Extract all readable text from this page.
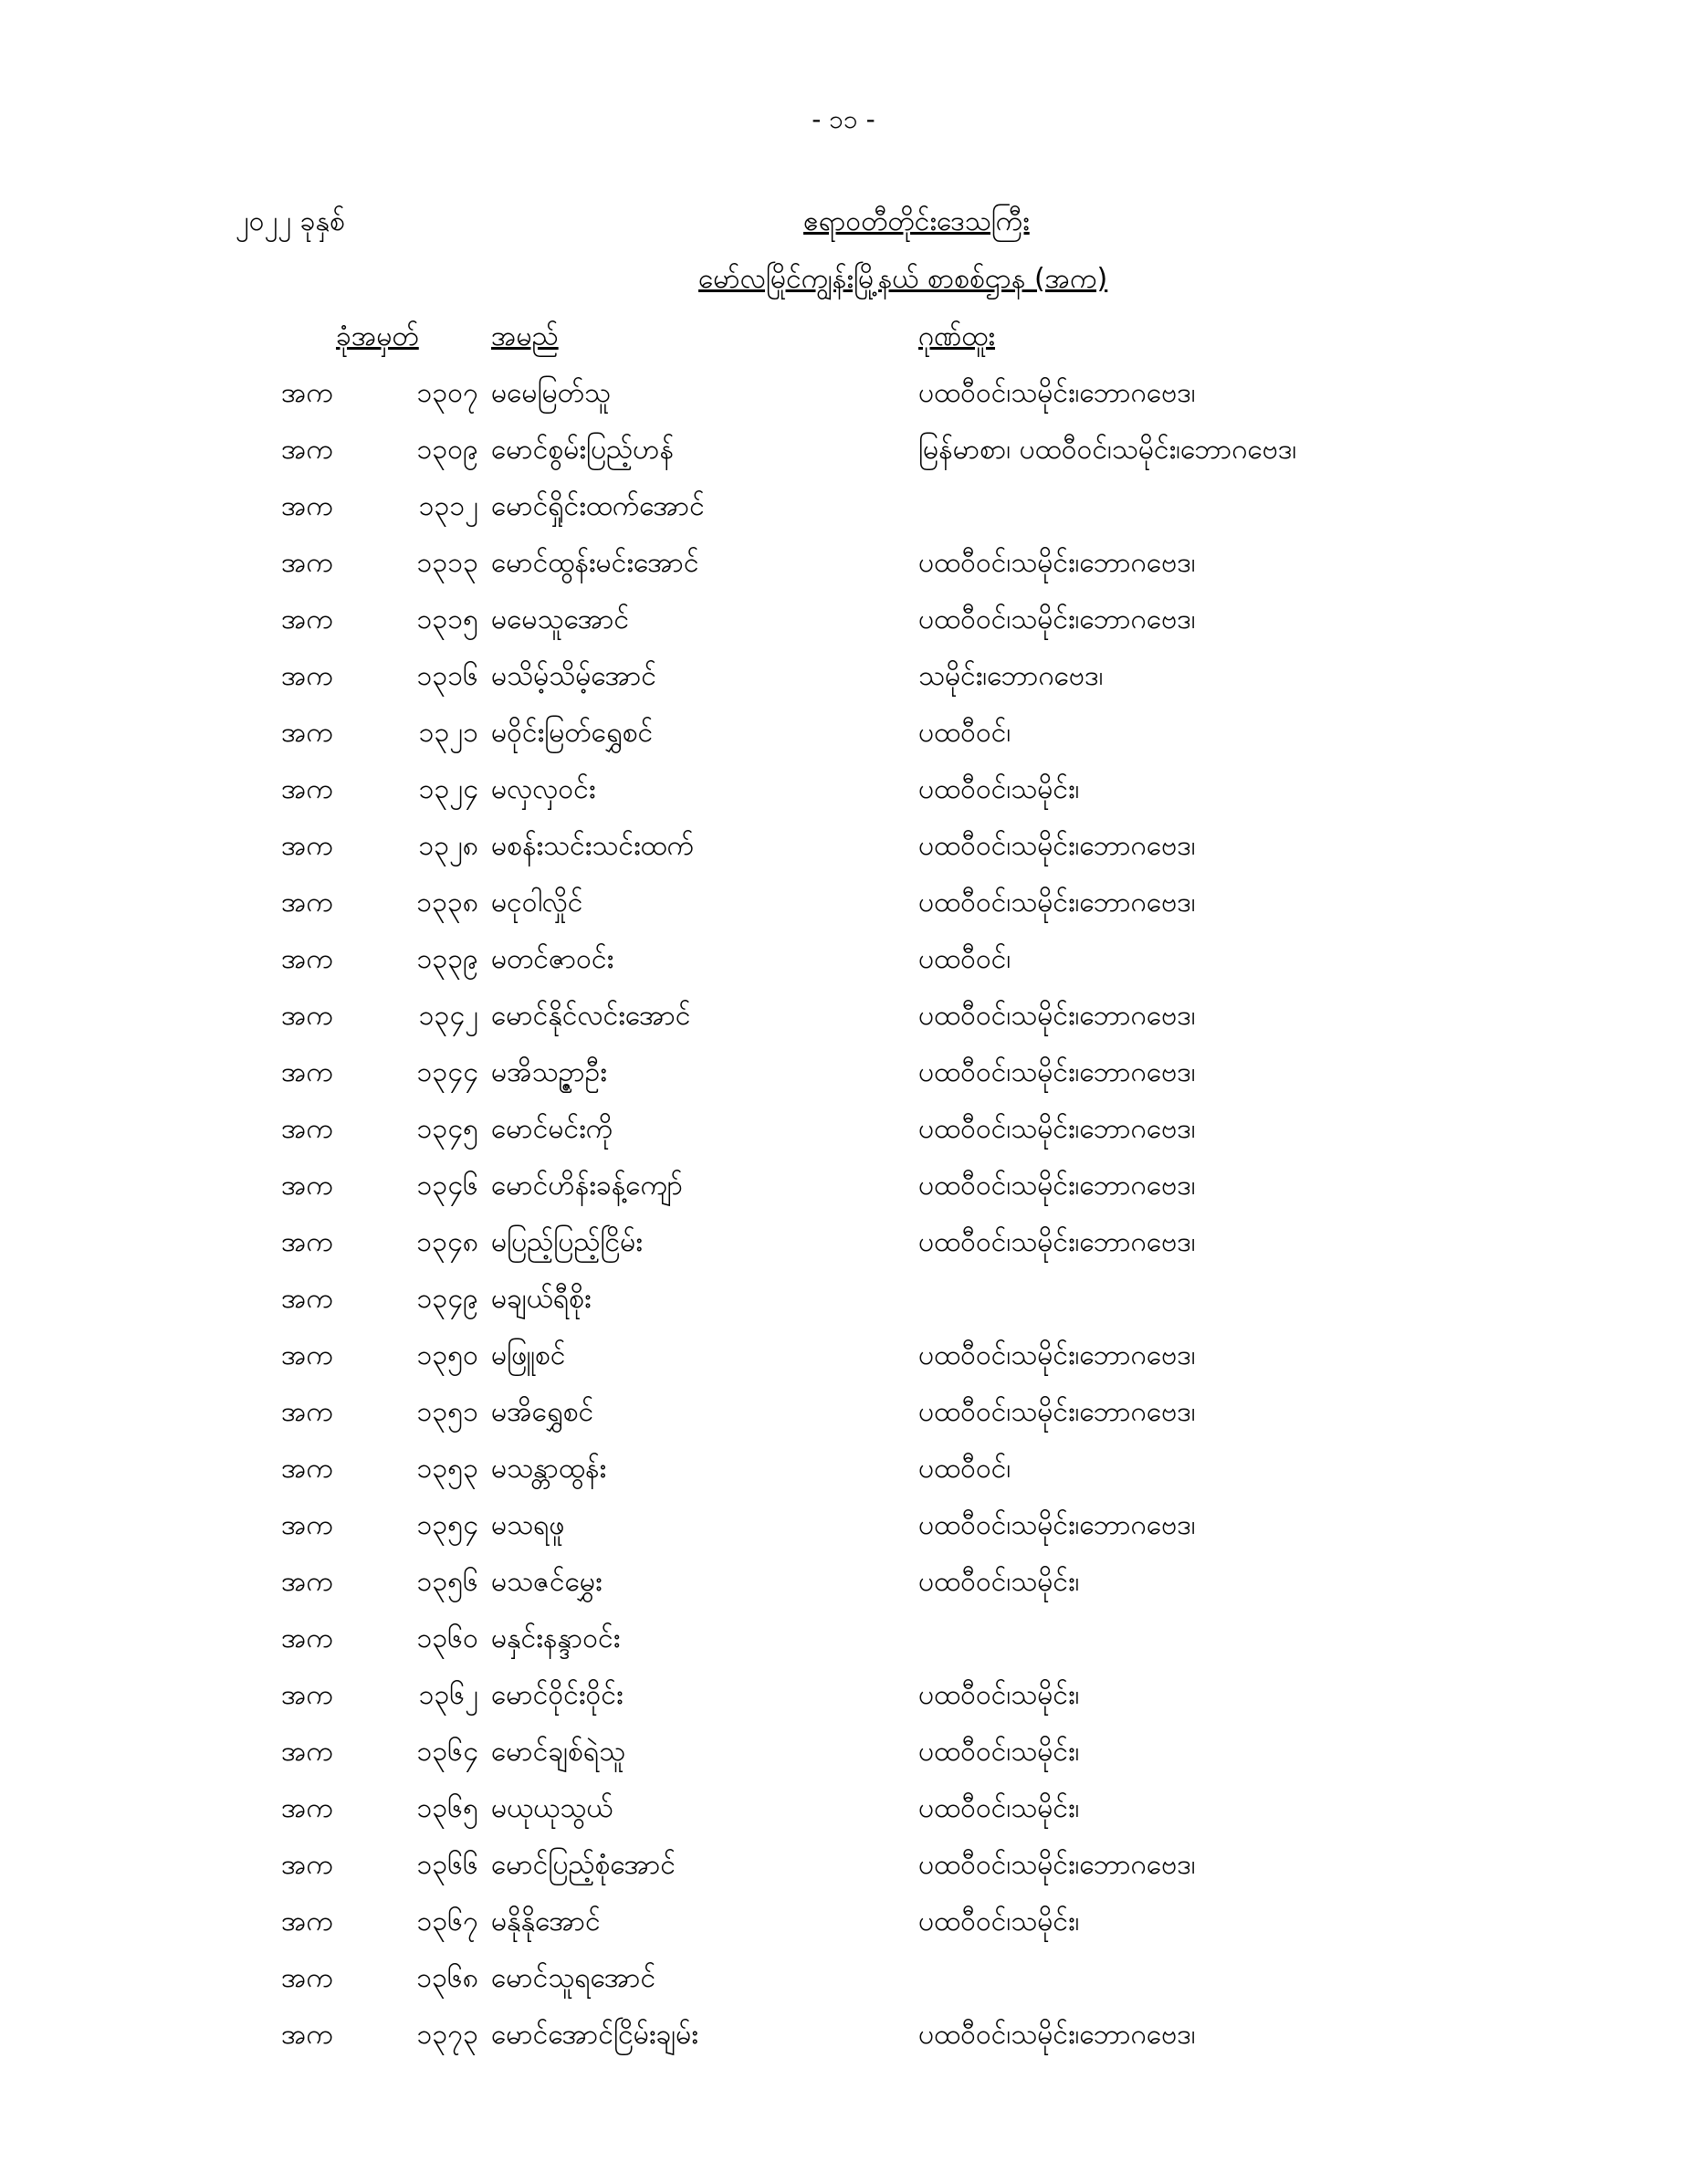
- ၁၁ -
၂၀၂၂ ခုနှစ်	ဧရာဝတီတိုင်းဒေသကြီး
မော်လမြိုင်ကျွန်းမြို့နယ် စာစစ်ဌာန (အက)
ခုံအမှတ်	အမည်	ဂုဏ်ထူး
အက	၁၃၀၇ မမေမြတ်သူ	ပထဝီဝင်၊သမိုင်း၊ဘောဂဗေဒ၊
အက	၁၃၀၉ မောင်စွမ်းပြည့်ဟန်	မြန်မာစာ၊ ပထဝီဝင်၊သမိုင်း၊ဘောဂဗေဒ၊
အက	၁၃၁၂ မောင်ရှိုင်းထက်အောင်
အက	၁၃၁၃ မောင်ထွန်းမင်းအောင်	ပထဝီဝင်၊သမိုင်း၊ဘောဂဗေဒ၊
အက	၁၃၁၅ မမေသူအောင်	ပထဝီဝင်၊သမိုင်း၊ဘောဂဗေဒ၊
အက	၁၃၁၆ မသိမ့်သိမ့်အောင်	သမိုင်း၊ဘောဂဗေဒ၊
အက	၁၃၂၁ မဝိုင်းမြတ်ရွှေစင်	ပထဝီဝင်၊
အက	၁၃၂၄ မလှလှဝင်း	ပထဝီဝင်၊သမိုင်း၊
အက	၁၃၂၈ မစန်းသင်းသင်းထက်	ပထဝီဝင်၊သမိုင်း၊ဘောဂဗေဒ၊
အက	၁၃၃၈ မငုဝါလှိုင်	ပထဝီဝင်၊သမိုင်း၊ဘောဂဗေဒ၊
အက	၁၃၃၉ မတင်ဇာဝင်း	ပထဝီဝင်၊
အက	၁၃၄၂ မောင်နိုင်လင်းအောင်	ပထဝီဝင်၊သမိုင်း၊ဘောဂဗေဒ၊
အက	၁၃၄၄ မအိသဥ္ဇာဦး	ပထဝီဝင်၊သမိုင်း၊ဘောဂဗေဒ၊
အက	၁၃၄၅ မောင်မင်းကို	ပထဝီဝင်၊သမိုင်း၊ဘောဂဗေဒ၊
အက	၁၃၄၆ မောင်ဟိန်းခန့်ကျော်	ပထဝီဝင်၊သမိုင်း၊ဘောဂဗေဒ၊
အက	၁၃၄၈ မပြည့်ပြည့်ငြိမ်း	ပထဝီဝင်၊သမိုင်း၊ဘောဂဗေဒ၊
အက	၁၃၄၉ မချယ်ရီစိုး
အက	၁၃၅၀ မဖြူစင်	ပထဝီဝင်၊သမိုင်း၊ဘောဂဗေဒ၊
အက	၁၃၅၁ မအိရွှေစင်	ပထဝီဝင်၊သမိုင်း၊ဘောဂဗေဒ၊
အက	၁၃၅၃ မသန္တာထွန်း	ပထဝီဝင်၊
အက	၁၃၅၄ မသရဖူ	ပထဝီဝင်၊သမိုင်း၊ဘောဂဗေဒ၊
အက	၁၃၅၆ မသဇင်မွှေး	ပထဝီဝင်၊သမိုင်း၊
အက	၁၃၆၀ မနှင်းနန္ဒာဝင်း
အက	၁၃၆၂ မောင်ဝိုင်းဝိုင်း	ပထဝီဝင်၊သမိုင်း၊
အက	၁၃၆၄ မောင်ချစ်ရဲသူ	ပထဝီဝင်၊သမိုင်း၊
အက	၁၃၆၅ မယုယုသွယ်	ပထဝီဝင်၊သမိုင်း၊
အက	၁၃၆၆ မောင်ပြည့်စုံအောင်	ပထဝီဝင်၊သမိုင်း၊ဘောဂဗေဒ၊
အက	၁၃၆၇ မနိုနိုအောင်	ပထဝီဝင်၊သမိုင်း၊
အက	၁၃၆၈ မောင်သူရအောင်
အက	၁၃၇၃ မောင်အောင်ငြိမ်းချမ်း	ပထဝီဝင်၊သမိုင်း၊ဘောဂဗေဒ၊
